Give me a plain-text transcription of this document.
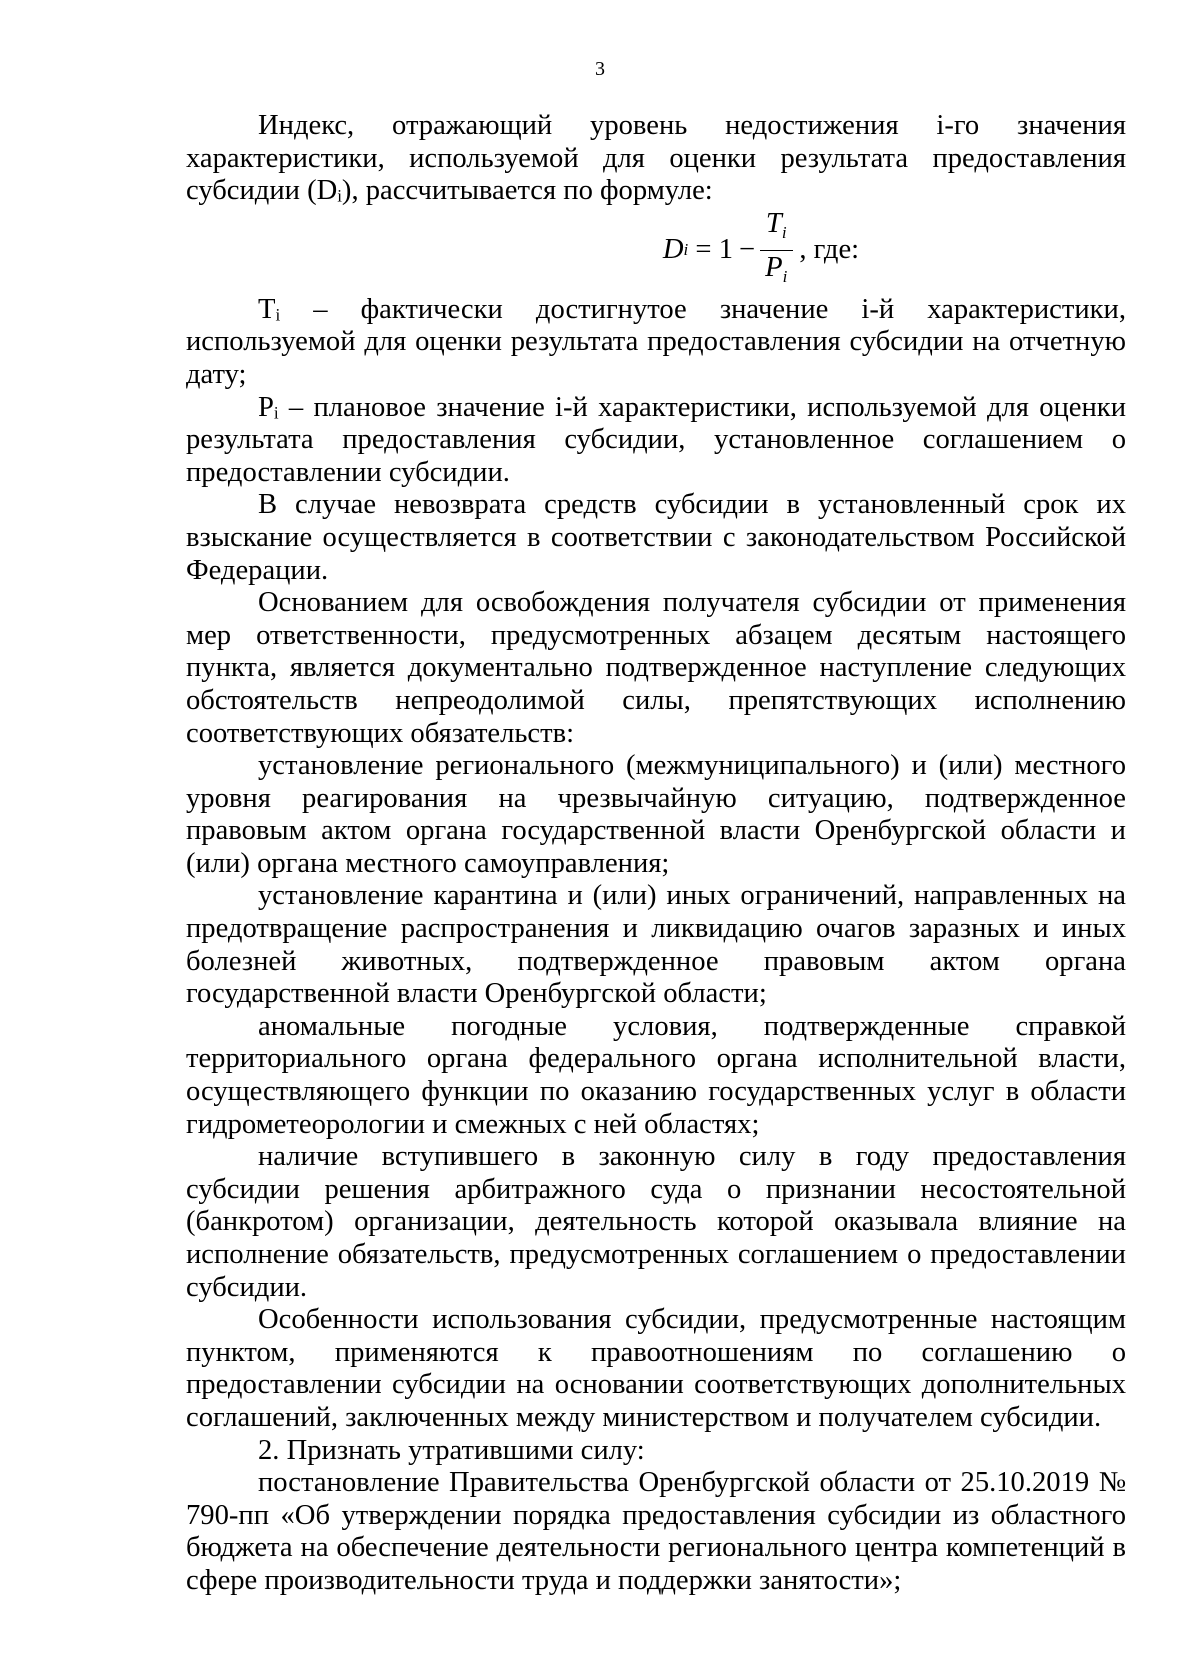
3

Индекс, отражающий уровень недостижения i-го значения характеристики, используемой для оценки результата предоставления субсидии (Dᵢ), рассчитывается по формуле:

D $i = 1 - \frac{T_i}{P_i}$ , где:

Tᵢ – фактически достигнутое значение i-й характеристики, используемой для оценки результата предоставления субсидии на отчетную дату;

Pᵢ – плановое значение i-й характеристики, используемой для оценки результата предоставления субсидии, установленное соглашением о предоставлении субсидии.

В случае невозврата средств субсидии в установленный срок их взыскание осуществляется в соответствии с законодательством Российской Федерации.

Основанием для освобождения получателя субсидии от применения мер ответственности, предусмотренных абзацем десятым настоящего пункта, является документально подтвержденное наступление следующих обстоятельств непреодолимой силы, препятствующих исполнению соответствующих обязательств:

установление регионального (межмуниципального) и (или) местного уровня реагирования на чрезвычайную ситуацию, подтвержденное правовым актом органа государственной власти Оренбургской области и (или) органа местного самоуправления;

установление карантина и (или) иных ограничений, направленных на предотвращение распространения и ликвидацию очагов заразных и иных болезней животных, подтвержденное правовым актом органа государственной власти Оренбургской области;

аномальные погодные условия, подтвержденные справкой территориального органа федерального органа исполнительной власти, осуществляющего функции по оказанию государственных услуг в области гидрометеорологии и смежных с ней областях;

наличие вступившего в законную силу в году предоставления субсидии решения арбитражного суда о признании несостоятельной (банкротом) организации, деятельность которой оказывала влияние на исполнение обязательств, предусмотренных соглашением о предоставлении субсидии.

Особенности использования субсидии, предусмотренные настоящим пунктом, применяются к правоотношениям по соглашению о предоставлении субсидии на основании соответствующих дополнительных соглашений, заключенных между министерством и получателем субсидии.

2. Признать утратившими силу:

постановление Правительства Оренбургской области от 25.10.2019 № 790-пп «Об утверждении порядка предоставления субсидии из областного бюджета на обеспечение деятельности регионального центра компетенций в сфере производительности труда и поддержки занятости»;
